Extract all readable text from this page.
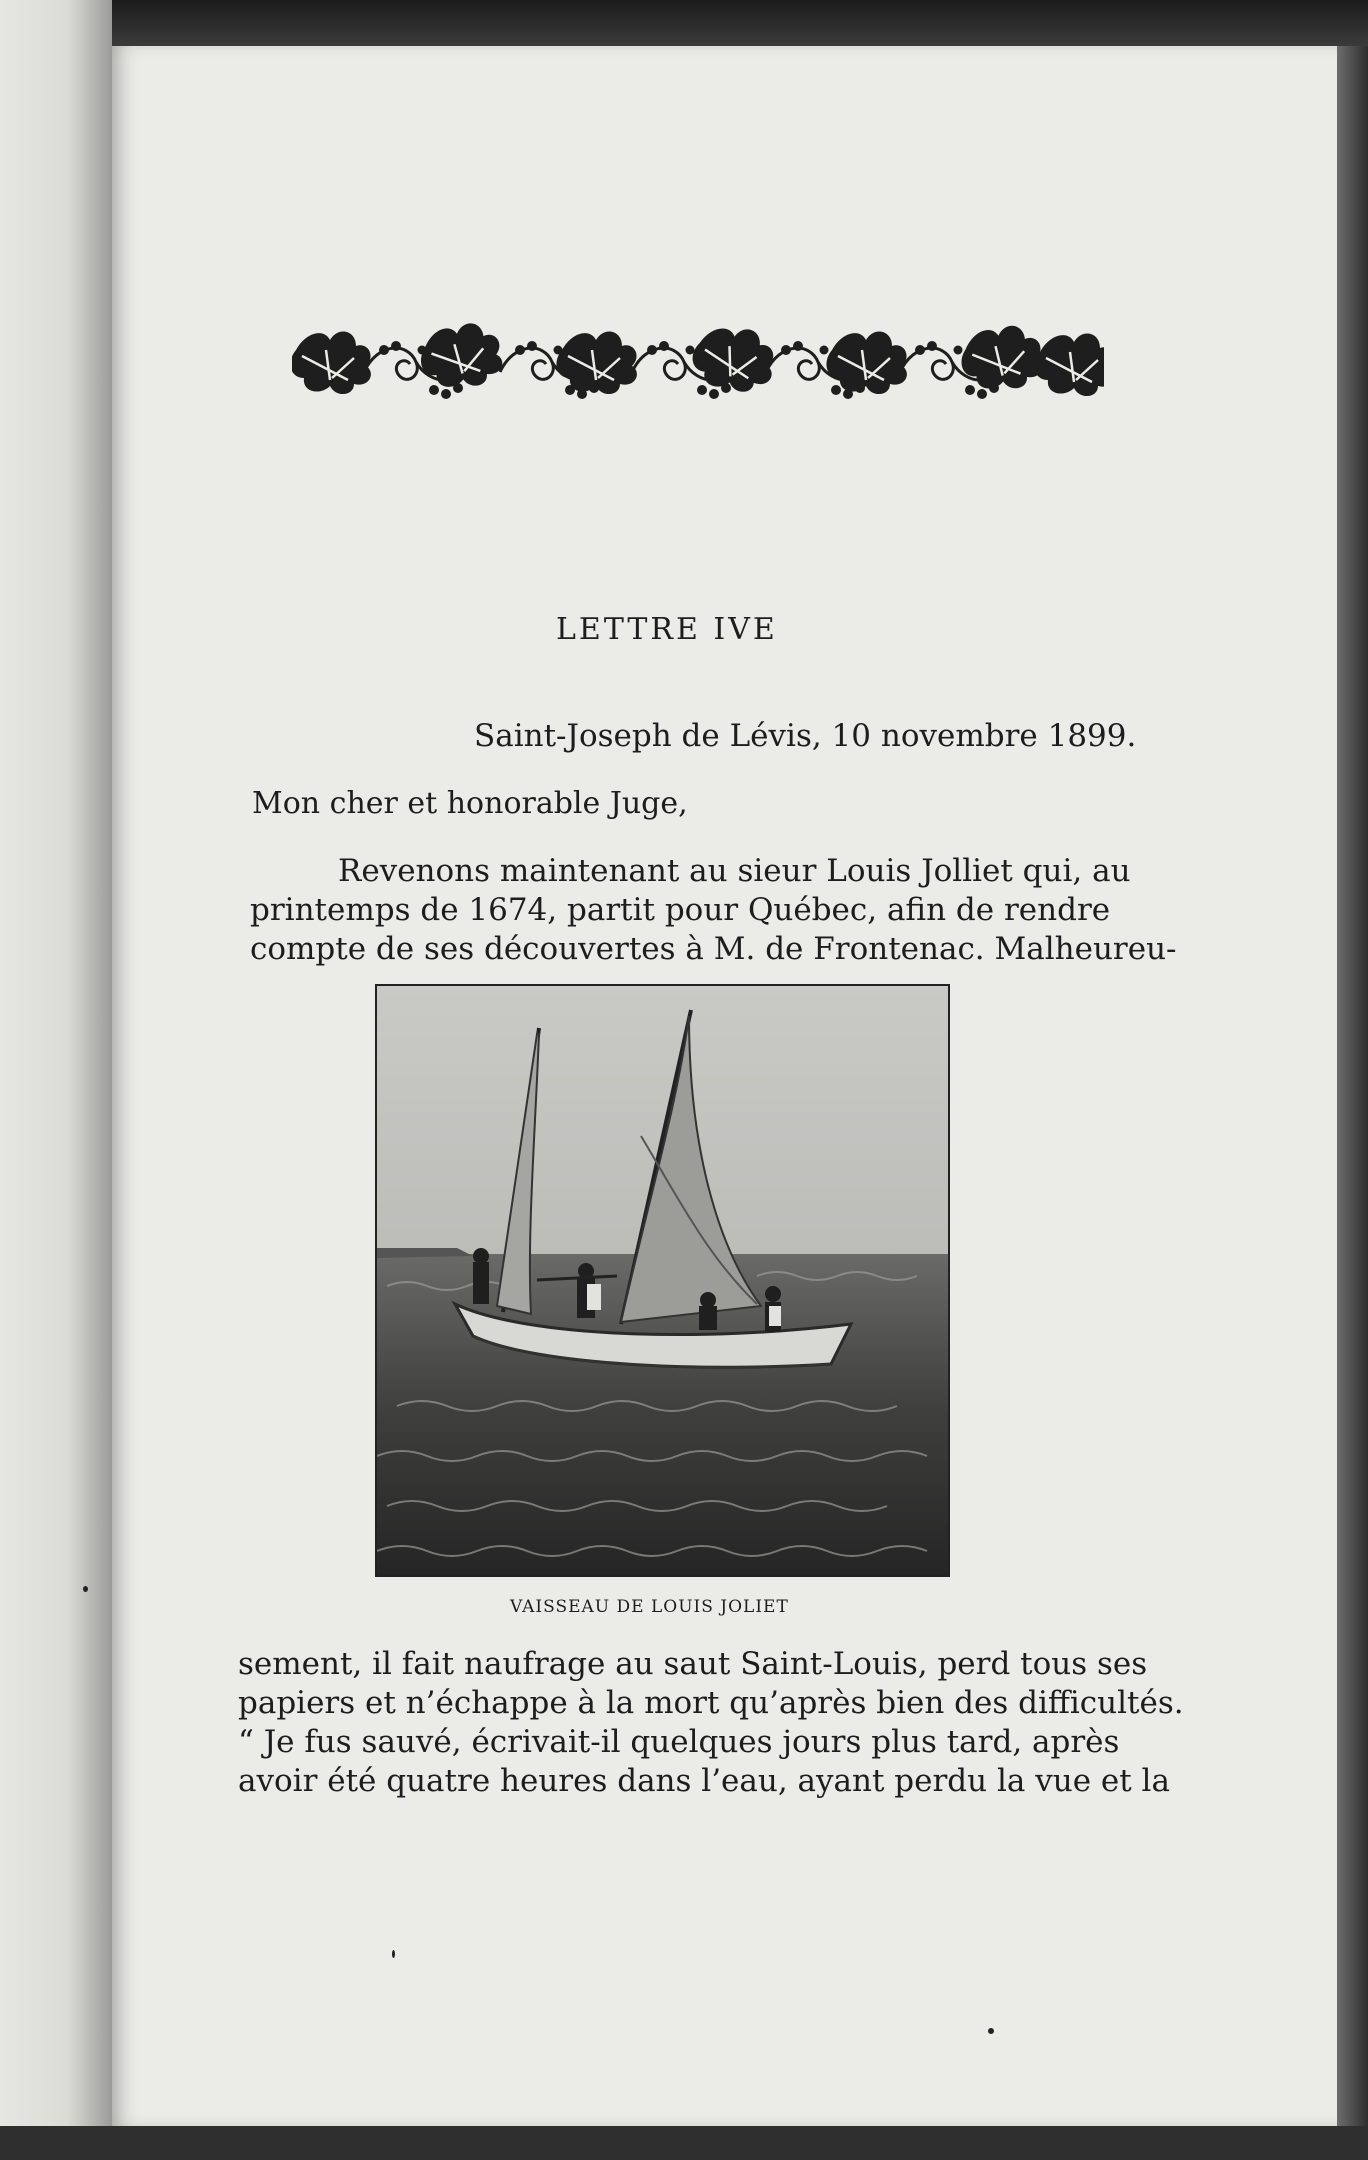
LETTRE IVE
Saint-Joseph de Lévis, 10 novembre 1899.
Mon cher et honorable Juge,
Revenons maintenant au sieur Louis Jolliet qui, au
printemps de 1674, partit pour Québec, afin de rendre
compte de ses découvertes à M. de Frontenac. Malheureu-
VAISSEAU DE LOUIS JOLIET
sement, il fait naufrage au saut Saint-Louis, perd tous ses
papiers et n’échappe à la mort qu’après bien des difficultés.
“ Je fus sauvé, écrivait-il quelques jours plus tard, après
avoir été quatre heures dans l’eau, ayant perdu la vue et la
